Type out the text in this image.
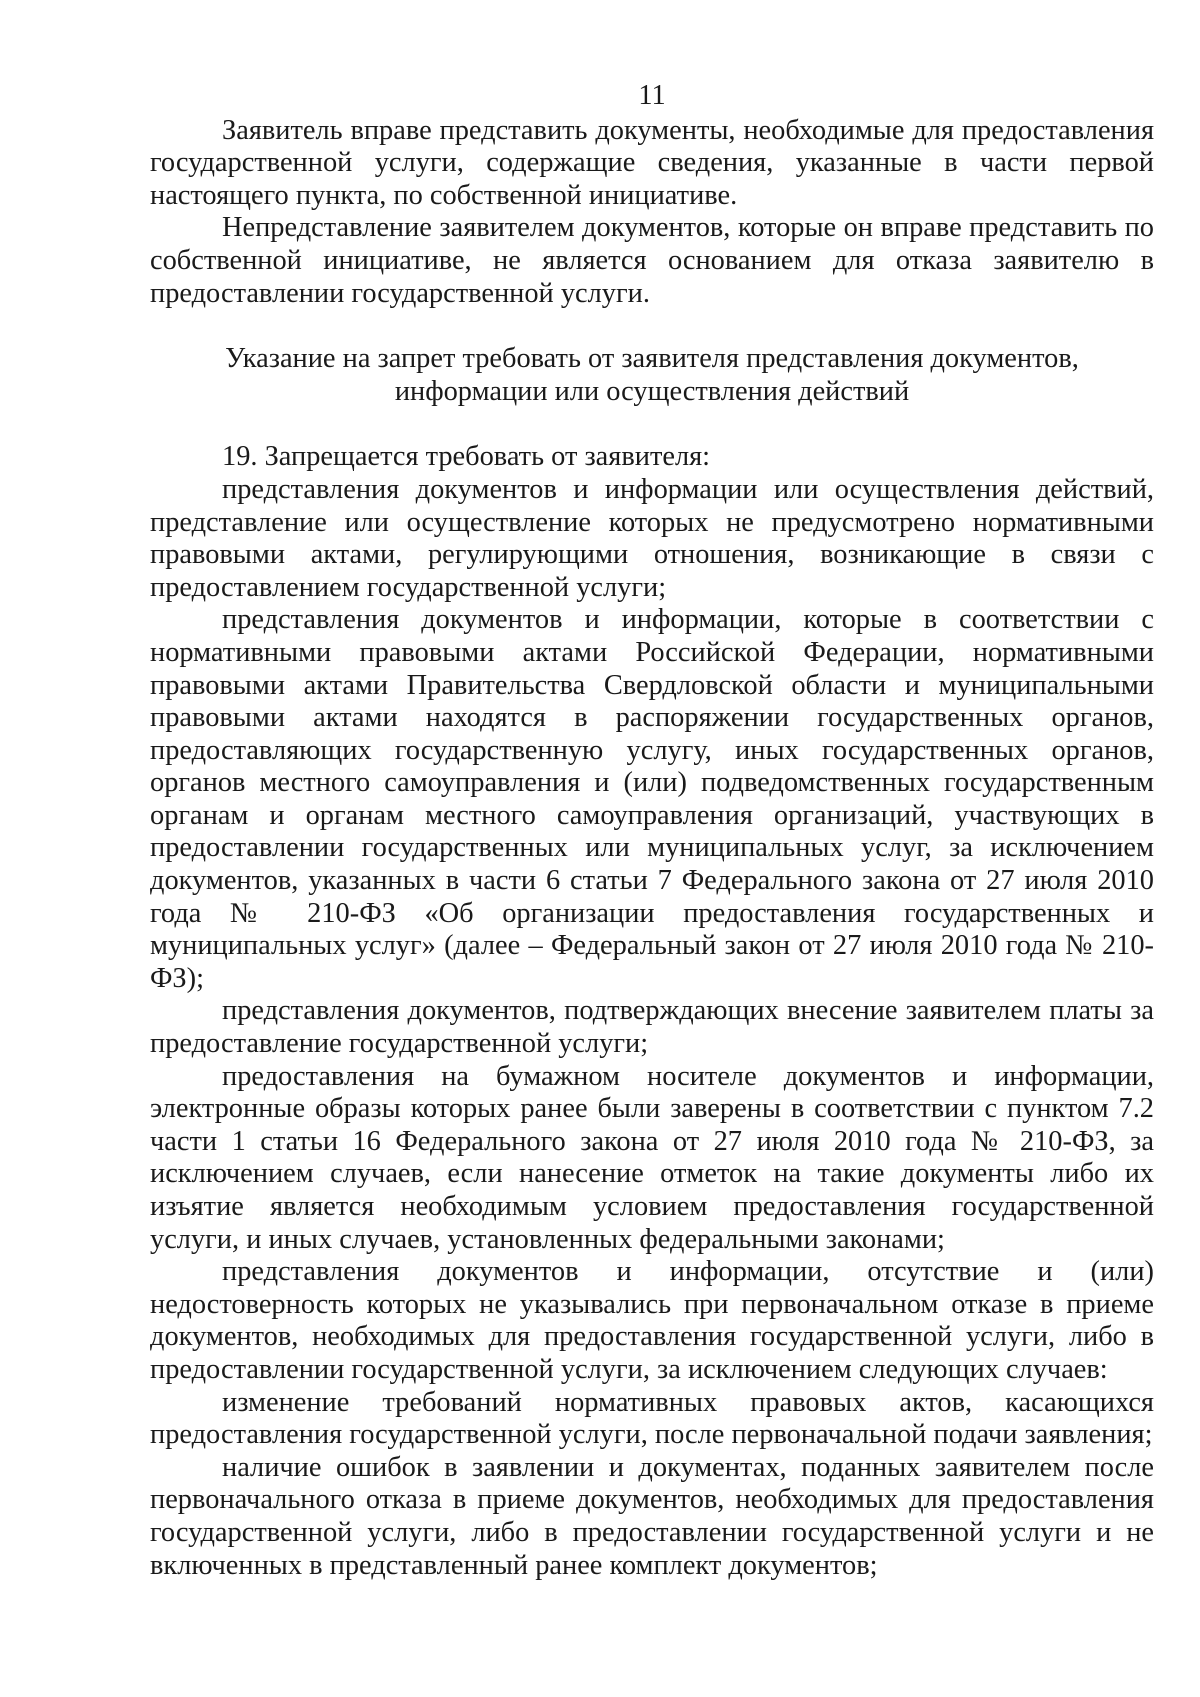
11

Заявитель вправе представить документы, необходимые для предоставления государственной услуги, содержащие сведения, указанные в части первой настоящего пункта, по собственной инициативе.

Непредставление заявителем документов, которые он вправе представить по собственной инициативе, не является основанием для отказа заявителю в предоставлении государственной услуги.

Указание на запрет требовать от заявителя представления документов,
информации или осуществления действий

19. Запрещается требовать от заявителя:

представления документов и информации или осуществления действий, представление или осуществление которых не предусмотрено нормативными правовыми актами, регулирующими отношения, возникающие в связи с предоставлением государственной услуги;

представления документов и информации, которые в соответствии с нормативными правовыми актами Российской Федерации, нормативными правовыми актами Правительства Свердловской области и муниципальными правовыми актами находятся в распоряжении государственных органов, предоставляющих государственную услугу, иных государственных органов, органов местного самоуправления и (или) подведомственных государственным органам и органам местного самоуправления организаций, участвующих в предоставлении государственных или муниципальных услуг, за исключением документов, указанных в части 6 статьи 7 Федерального закона от 27 июля 2010 года № 210-ФЗ «Об организации предоставления государственных и муниципальных услуг» (далее – Федеральный закон от 27 июля 2010 года № 210-ФЗ);

представления документов, подтверждающих внесение заявителем платы за предоставление государственной услуги;

предоставления на бумажном носителе документов и информации, электронные образы которых ранее были заверены в соответствии с пунктом 7.2 части 1 статьи 16 Федерального закона от 27 июля 2010 года № 210-ФЗ, за исключением случаев, если нанесение отметок на такие документы либо их изъятие является необходимым условием предоставления государственной услуги, и иных случаев, установленных федеральными законами;

представления документов и информации, отсутствие и (или) недостоверность которых не указывались при первоначальном отказе в приеме документов, необходимых для предоставления государственной услуги, либо в предоставлении государственной услуги, за исключением следующих случаев:

изменение требований нормативных правовых актов, касающихся предоставления государственной услуги, после первоначальной подачи заявления;

наличие ошибок в заявлении и документах, поданных заявителем после первоначального отказа в приеме документов, необходимых для предоставления государственной услуги, либо в предоставлении государственной услуги и не включенных в представленный ранее комплект документов;
